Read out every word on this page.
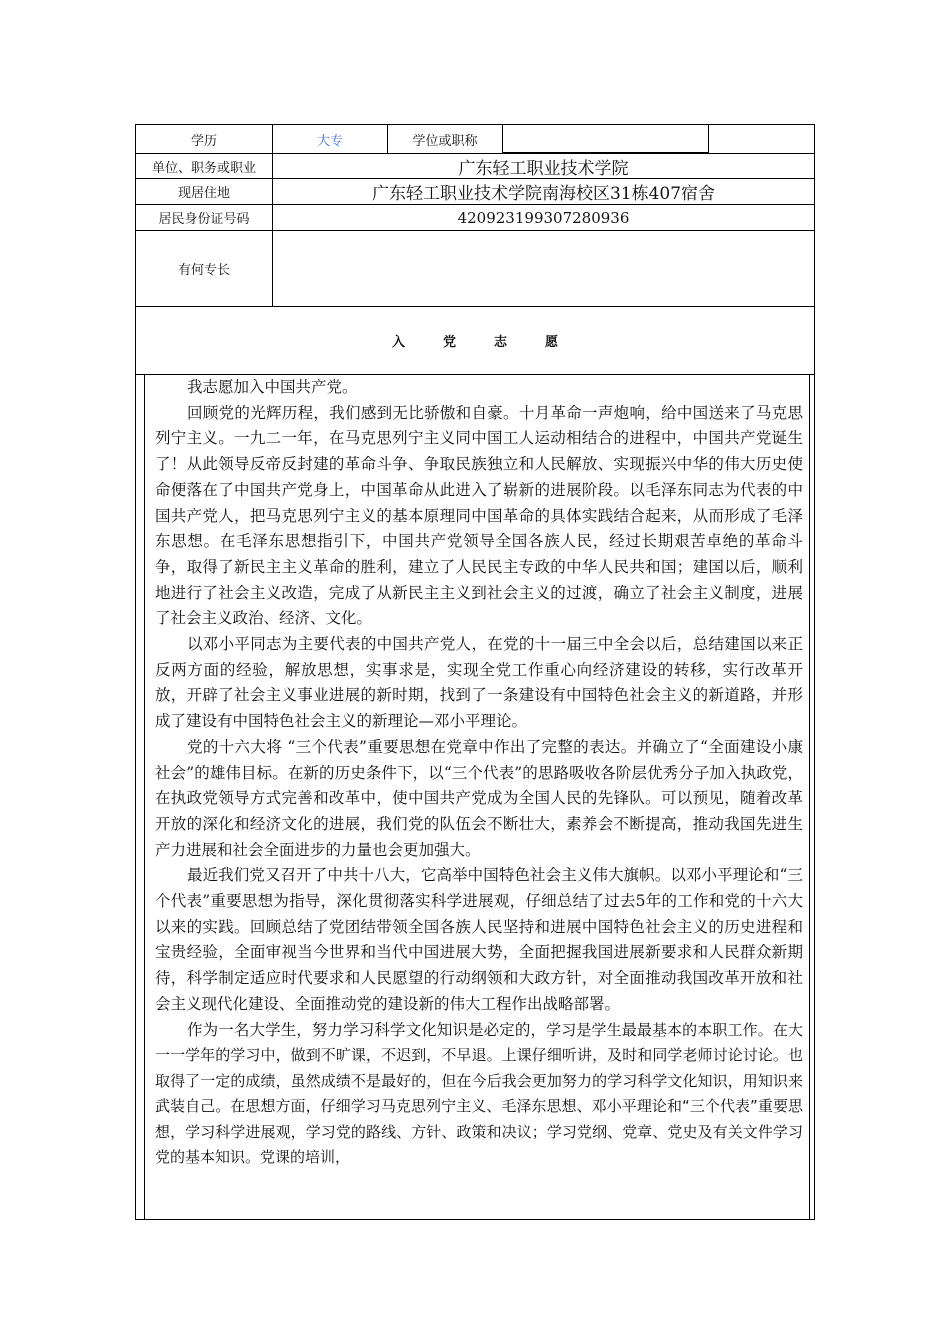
学历	大专	学位或职称
单位、职务或职业	广东轻工职业技术学院
现居住地	广东轻工职业技术学院南海校区31栋407宿舍
居民身份证号码	420923199307280936
有何专长
入党志愿

我志愿加入中国共产党。

回顾党的光辉历程，我们感到无比骄傲和自豪。十月革命一声炮响，给中国送来了马克思列宁主义。一九二一年，在马克思列宁主义同中国工人运动相结合的进程中，中国共产党诞生了！从此领导反帝反封建的革命斗争、争取民族独立和人民解放、实现振兴中华的伟大历史使命便落在了中国共产党身上，中国革命从此进入了崭新的进展阶段。以毛泽东同志为代表的中国共产党人，把马克思列宁主义的基本原理同中国革命的具体实践结合起来，从而形成了毛泽东思想。在毛泽东思想指引下，中国共产党领导全国各族人民，经过长期艰苦卓绝的革命斗争，取得了新民主主义革命的胜利，建立了人民民主专政的中华人民共和国；建国以后，顺利地进行了社会主义改造，完成了从新民主主义到社会主义的过渡，确立了社会主义制度，进展了社会主义政治、经济、文化。

以邓小平同志为主要代表的中国共产党人，在党的十一届三中全会以后，总结建国以来正反两方面的经验，解放思想，实事求是，实现全党工作重心向经济建设的转移，实行改革开放，开辟了社会主义事业进展的新时期，找到了一条建设有中国特色社会主义的新道路，并形成了建设有中国特色社会主义的新理论—邓小平理论。

党的十六大将 “三个代表”重要思想在党章中作出了完整的表达。并确立了“全面建设小康社会”的雄伟目标。在新的历史条件下，以“三个代表”的思路吸收各阶层优秀分子加入执政党，在执政党领导方式完善和改革中，使中国共产党成为全国人民的先锋队。可以预见，随着改革开放的深化和经济文化的进展，我们党的队伍会不断壮大，素养会不断提高，推动我国先进生产力进展和社会全面进步的力量也会更加强大。

最近我们党又召开了中共十八大，它高举中国特色社会主义伟大旗帜。以邓小平理论和“三个代表”重要思想为指导，深化贯彻落实科学进展观，仔细总结了过去5年的工作和党的十六大以来的实践。回顾总结了党团结带领全国各族人民坚持和进展中国特色社会主义的历史进程和宝贵经验，全面审视当今世界和当代中国进展大势，全面把握我国进展新要求和人民群众新期待，科学制定适应时代要求和人民愿望的行动纲领和大政方针，对全面推动我国改革开放和社会主义现代化建设、全面推动党的建设新的伟大工程作出战略部署。

作为一名大学生，努力学习科学文化知识是必定的，学习是学生最最基本的本职工作。在大一一学年的学习中，做到不旷课，不迟到，不早退。上课仔细听讲，及时和同学老师讨论讨论。也取得了一定的成绩，虽然成绩不是最好的，但在今后我会更加努力的学习科学文化知识，用知识来武装自己。在思想方面，仔细学习马克思列宁主义、毛泽东思想、邓小平理论和“三个代表”重要思想，学习科学进展观，学习党的路线、方针、政策和决议；学习党纲、党章、党史及有关文件学习党的基本知识。党课的培训，
